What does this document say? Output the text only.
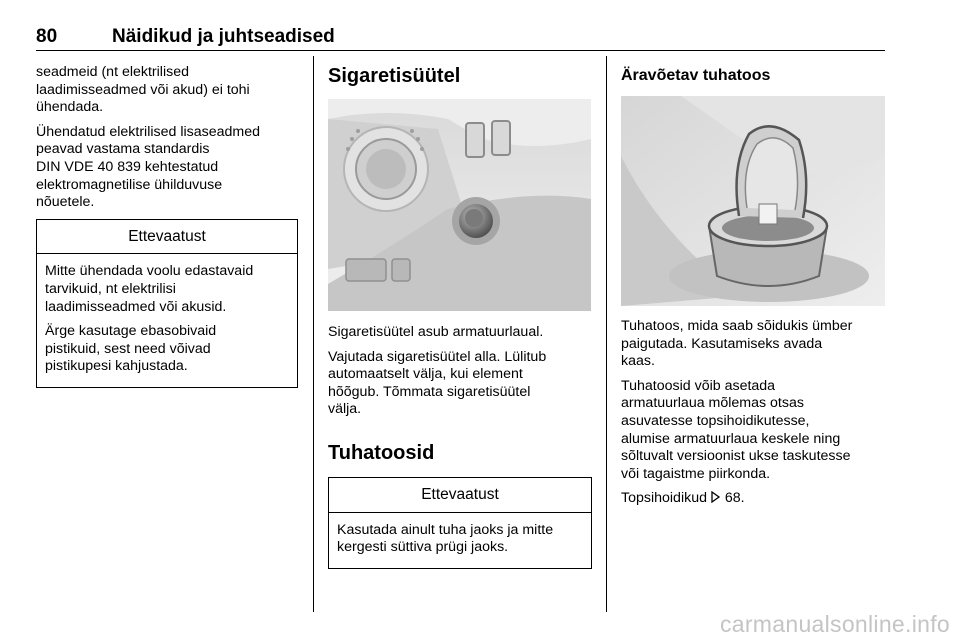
80	Näidikud ja juhtseadised

seadmeid (nt elektrilised
laadimisseadmed või akud) ei tohi
ühendada.

Ühendatud elektrilised lisaseadmed
peavad vastama standardis
DIN VDE 40 839 kehtestatud
elektromagnetilise ühilduvuse
nõuetele.

Ettevaatust

Mitte ühendada voolu edastavaid
tarvikuid, nt elektrilisi
laadimisseadmed või akusid.

Ärge kasutage ebasobivaid
pistikuid, sest need võivad
pistikupesi kahjustada.

Sigaretisüütel

Sigaretisüütel asub armatuurlaual.

Vajutada sigaretisüütel alla. Lülitub
automaatselt välja, kui element
hõõgub. Tõmmata sigaretisüütel
välja.

Tuhatoosid
Ettevaatust

Kasutada ainult tuha jaoks ja mitte
kergesti süttiva prügi jaoks.

Äravõetav tuhatoos

Tuhatoos, mida saab sõidukis ümber
paigutada. Kasutamiseks avada
kaas.

Tuhatoosid võib asetada
armatuurlaua mõlemas otsas
asuvatesse topsihoidikutesse,
alumise armatuurlaua keskele ning
sõltuvalt versioonist ukse taskutesse
või tagaistme piirkonda.

Topsihoidikud 68.

carmanualsonline.info
